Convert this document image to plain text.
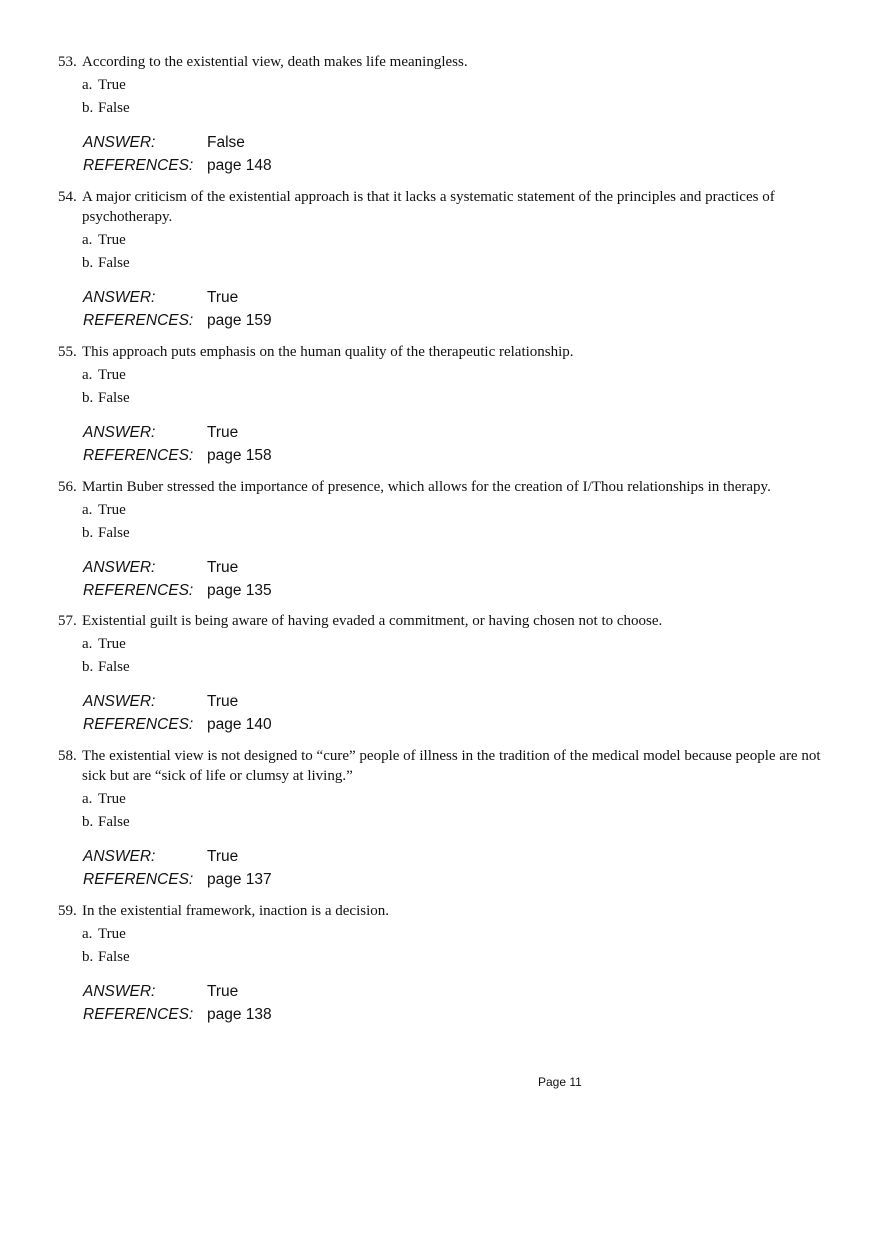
53. According to the existential view, death makes life meaningless.
a. True
b. False
ANSWER:	False
REFERENCES: page 148
54. A major criticism of the existential approach is that it lacks a systematic statement of the principles and practices of psychotherapy.
a. True
b. False
ANSWER:	True
REFERENCES: page 159
55. This approach puts emphasis on the human quality of the therapeutic relationship.
a. True
b. False
ANSWER:	True
REFERENCES: page 158
56. Martin Buber stressed the importance of presence, which allows for the creation of I/Thou relationships in therapy.
a. True
b. False
ANSWER:	True
REFERENCES: page 135
57. Existential guilt is being aware of having evaded a commitment, or having chosen not to choose.
a. True
b. False
ANSWER:	True
REFERENCES: page 140
58. The existential view is not designed to “cure” people of illness in the tradition of the medical model because people are not sick but are “sick of life or clumsy at living.”
a. True
b. False
ANSWER:	True
REFERENCES: page 137
59. In the existential framework, inaction is a decision.
a. True
b. False
ANSWER:	True
REFERENCES: page 138
Page 11
